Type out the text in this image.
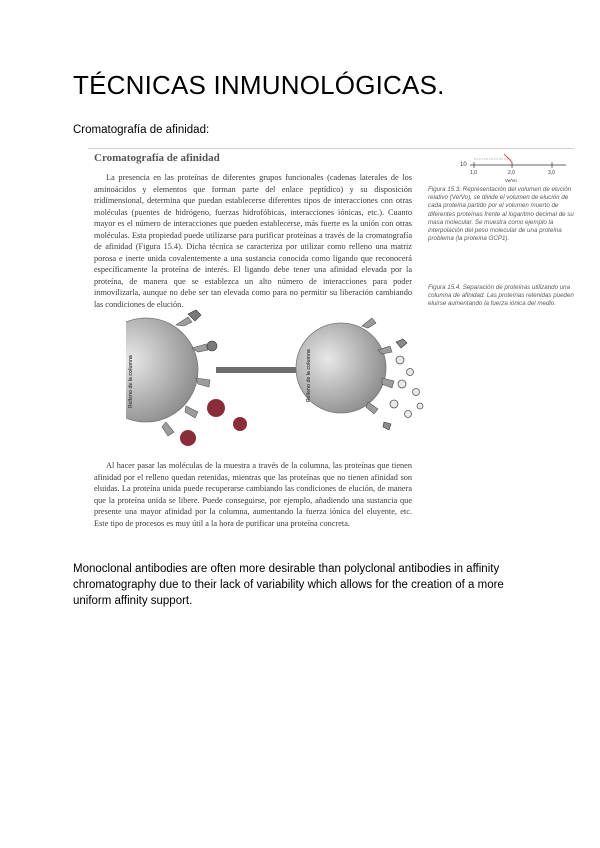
TÉCNICAS INMUNOLÓGICAS.

Cromatografía de afinidad:

Cromatografía de afinidad

10
1,0	2,0	3,0
Ve/Vo

Figura 15.3. Representación del volumen de elución relativo (Ve/Vo), se divide el volumen de elución de cada proteína partido por el volumen muerto de diferentes proteínas frente al logaritmo decimal de su masa molecular. Se muestra como ejemplo la interpolación del peso molecular de una proteína problema (la proteína GCP1).

La presencia en las proteínas de diferentes grupos funcionales (cadenas laterales de los aminoácidos y elementos que forman parte del enlace peptídico) y su disposición tridimensional, determina que puedan establecerse diferentes tipos de interacciones con otras moléculas (puentes de hidrógeno, fuerzas hidrofóbicas, interacciones iónicas, etc.). Cuanto mayor es el número de interacciones que pueden establecerse, más fuerte es la unión con otras moléculas. Esta propiedad puede utilizarse para purificar proteínas a través de la cromatografía de afinidad (Figura 15.4). Dicha técnica se caracteriza por utilizar como relleno una matriz porosa e inerte unida covalentemente a una sustancia conocida como ligando que reconocerá específicamente la proteína de interés. El ligando debe tener una afinidad elevada por la proteína, de manera que se establezca un alto número de interacciones para poder inmovilizarla, aunque no debe ser tan elevada como para no permitir su liberación cambiando las condiciones de elución.

Relleno de la columna	Relleno de la columna

Figura 15.4. Separación de proteínas utilizando una columna de afinidad. Las proteínas retenidas pueden eluirse aumentando la fuerza iónica del medio.

Al hacer pasar las moléculas de la muestra a través de la columna, las proteínas que tienen afinidad por el relleno quedan retenidas, mientras que las proteínas que no tienen afinidad son eluidas. La proteína unida puede recuperarse cambiando las condiciones de elución, de manera que la proteína unida se libere. Puede conseguirse, por ejemplo, añadiendo una sustancia que presente una mayor afinidad por la columna, aumentando la fuerza iónica del eluyente, etc. Este tipo de procesos es muy útil a la hora de purificar una proteína concreta.

Monoclonal antibodies are often more desirable than polyclonal antibodies in affinity chromatography due to their lack of variability which allows for the creation of a more uniform affinity support.
